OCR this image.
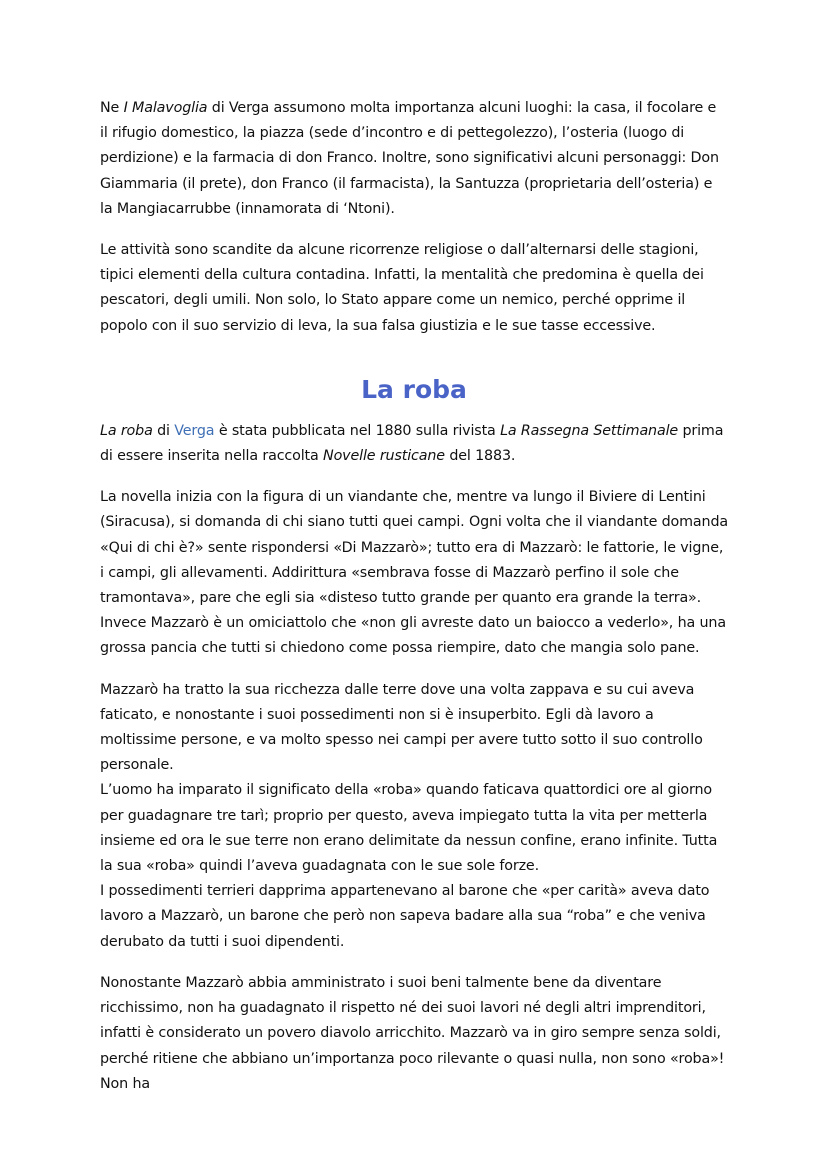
Ne I Malavoglia di Verga assumono molta importanza alcuni luoghi: la casa, il focolare e il rifugio domestico, la piazza (sede d’incontro e di pettegolezzo), l’osteria (luogo di perdizione) e la farmacia di don Franco. Inoltre, sono significativi alcuni personaggi: Don Giammaria (il prete), don Franco (il farmacista), la Santuzza (proprietaria dell’osteria) e la Mangiacarrubbe (innamorata di ‘Ntoni).

Le attività sono scandite da alcune ricorrenze religiose o dall’alternarsi delle stagioni, tipici elementi della cultura contadina. Infatti, la mentalità che predomina è quella dei pescatori, degli umili. Non solo, lo Stato appare come un nemico, perché opprime il popolo con il suo servizio di leva, la sua falsa giustizia e le sue tasse eccessive.

La roba

La roba di Verga è stata pubblicata nel 1880 sulla rivista La Rassegna Settimanale prima di essere inserita nella raccolta Novelle rusticane del 1883.

La novella inizia con la figura di un viandante che, mentre va lungo il Biviere di Lentini (Siracusa), si domanda di chi siano tutti quei campi. Ogni volta che il viandante domanda «Qui di chi è?» sente rispondersi «Di Mazzarò»; tutto era di Mazzarò: le fattorie, le vigne, i campi, gli allevamenti. Addirittura «sembrava fosse di Mazzarò perfino il sole che tramontava», pare che egli sia «disteso tutto grande per quanto era grande la terra». Invece Mazzarò è un omiciattolo che «non gli avreste dato un baiocco a vederlo», ha una grossa pancia che tutti si chiedono come possa riempire, dato che mangia solo pane.

Mazzarò ha tratto la sua ricchezza dalle terre dove una volta zappava e su cui aveva faticato, e nonostante i suoi possedimenti non si è insuperbito. Egli dà lavoro a moltissime persone, e va molto spesso nei campi per avere tutto sotto il suo controllo personale.

L’uomo ha imparato il significato della «roba» quando faticava quattordici ore al giorno per guadagnare tre tarì; proprio per questo, aveva impiegato tutta la vita per metterla insieme ed ora le sue terre non erano delimitate da nessun confine, erano infinite. Tutta la sua «roba» quindi l’aveva guadagnata con le sue sole forze.

I possedimenti terrieri dapprima appartenevano al barone che «per carità» aveva dato lavoro a Mazzarò, un barone che però non sapeva badare alla sua “roba” e che veniva derubato da tutti i suoi dipendenti.

Nonostante Mazzarò abbia amministrato i suoi beni talmente bene da diventare ricchissimo, non ha guadagnato il rispetto né dei suoi lavori né degli altri imprenditori, infatti è considerato un povero diavolo arricchito. Mazzarò va in giro sempre senza soldi, perché ritiene che abbiano un’importanza poco rilevante o quasi nulla, non sono «roba»! Non ha
